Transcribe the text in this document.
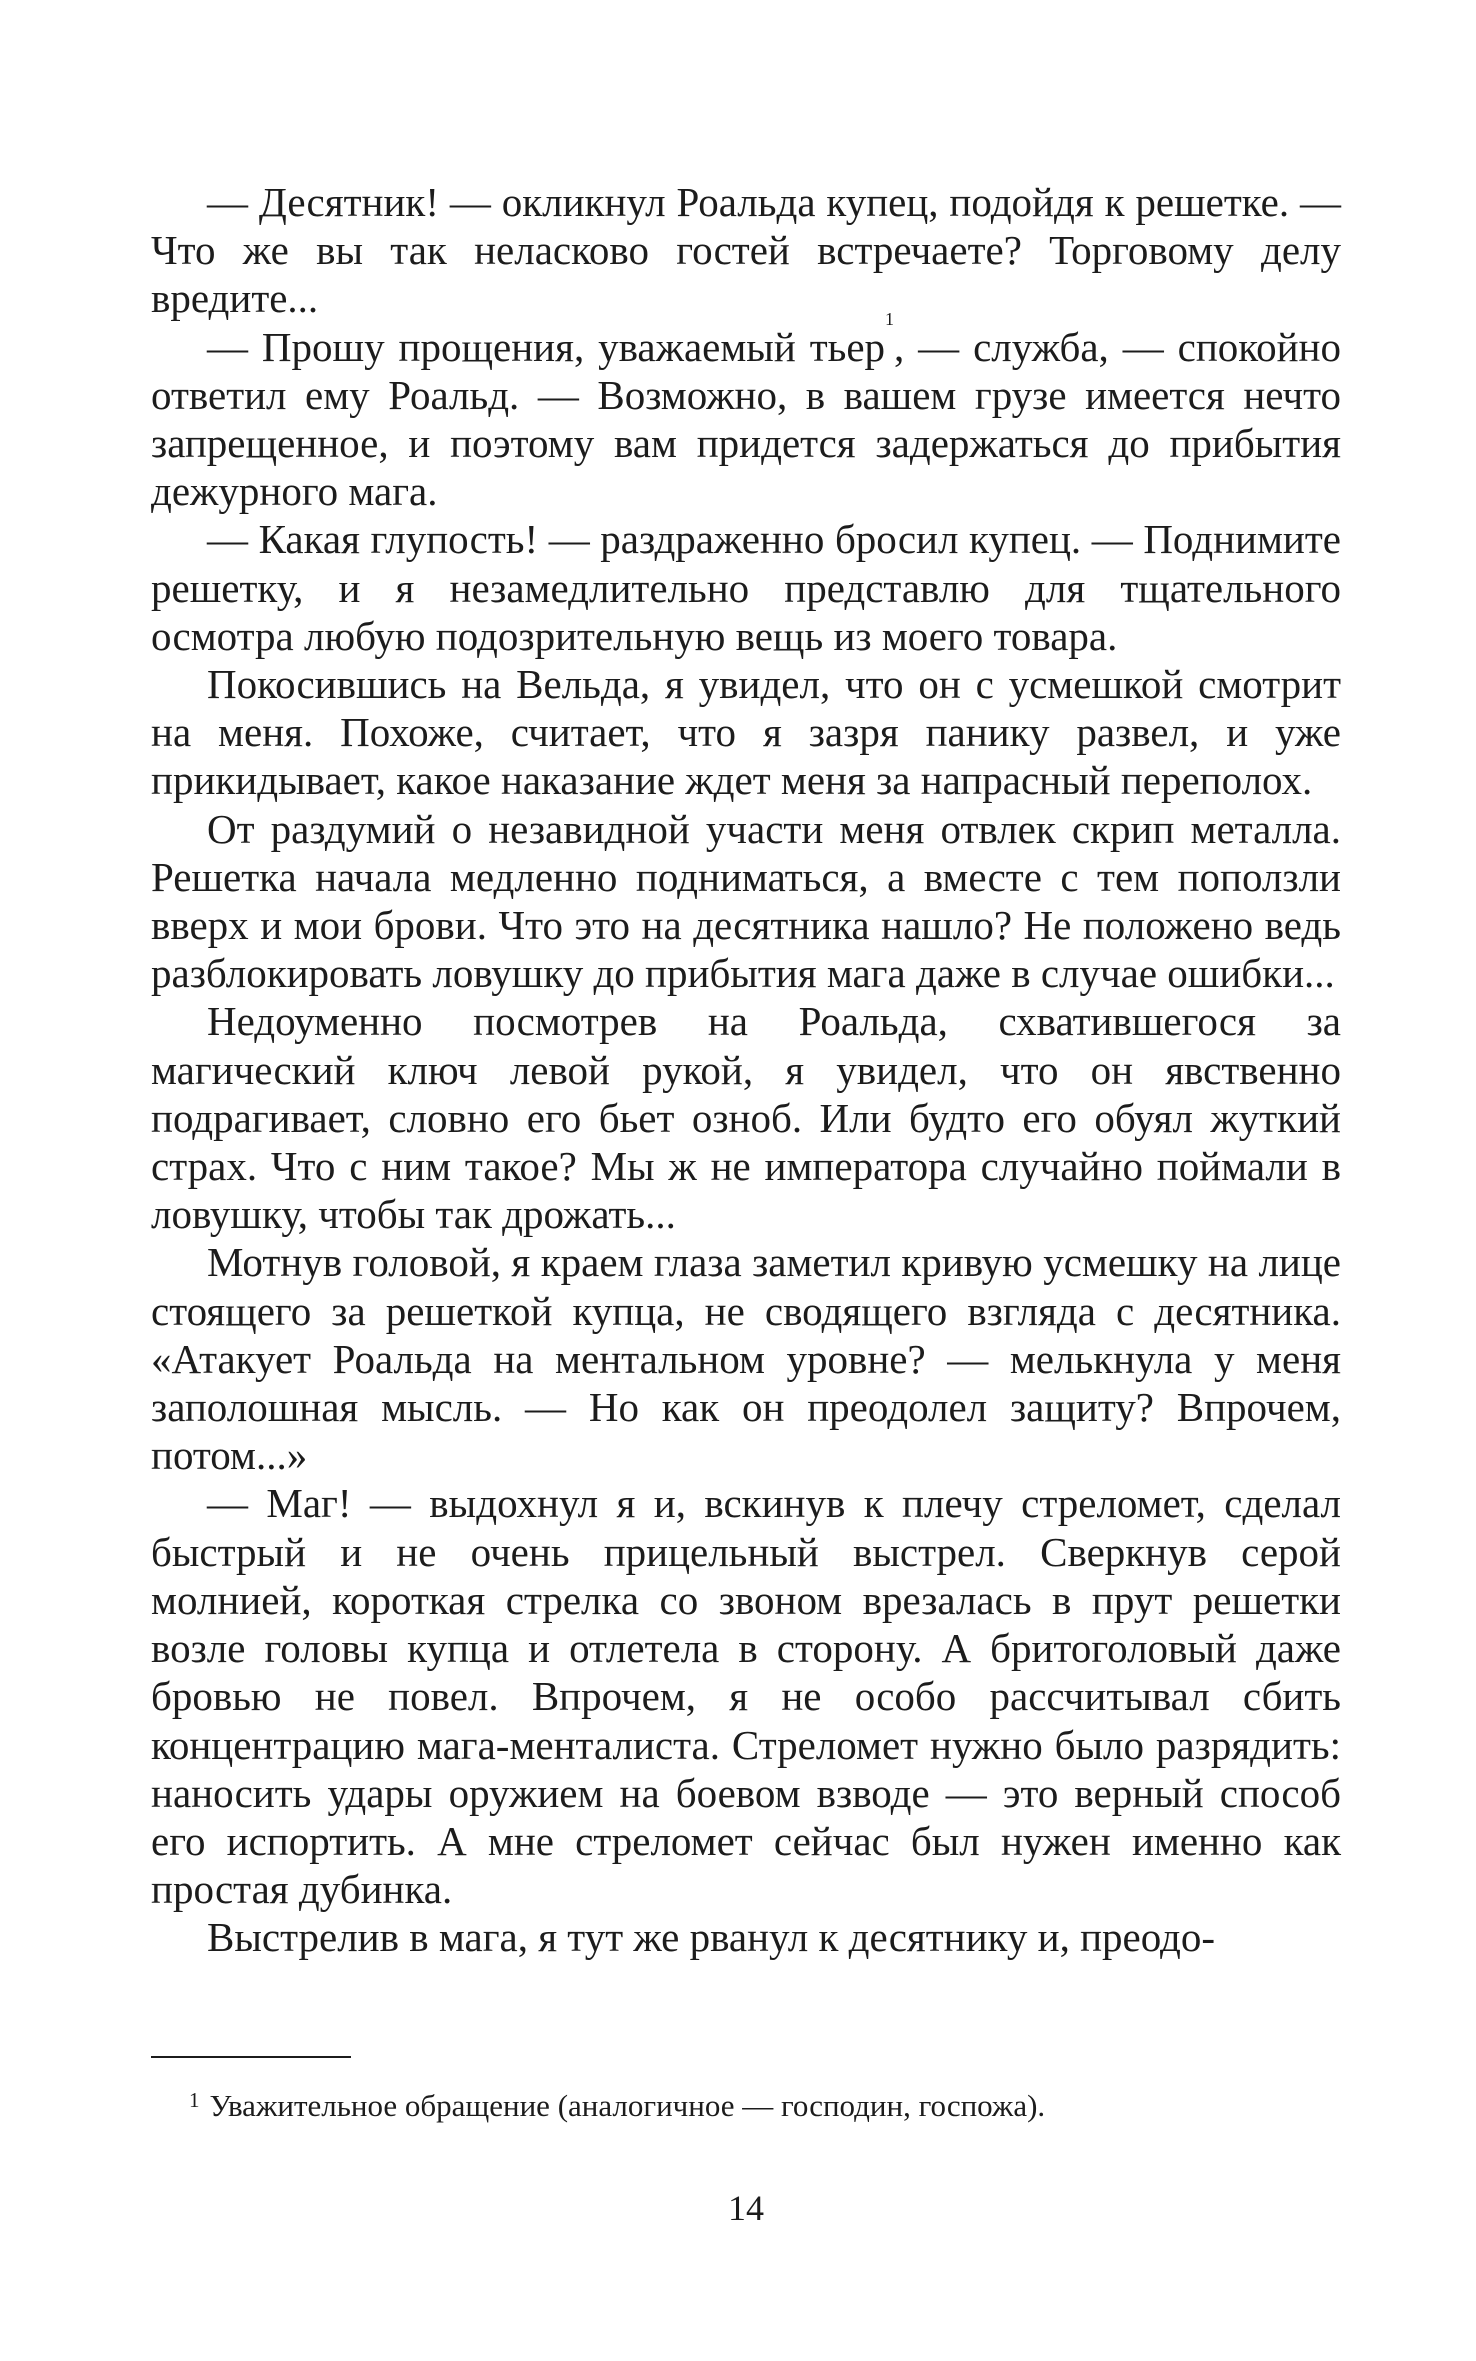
— Десятник! — окликнул Роальда купец, подойдя к решетке. — Что же вы так неласково гостей встречаете? Торговому делу вредите...

— Прошу прощения, уважаемый тьер$^1$, — служба, — спокойно ответил ему Роальд. — Возможно, в вашем грузе имеется нечто запрещенное, и поэтому вам придется задержаться до прибытия дежурного мага.

— Какая глупость! — раздраженно бросил купец. — Поднимите решетку, и я незамедлительно представлю для тщательного осмотра любую подозрительную вещь из моего товара.

Покосившись на Вельда, я увидел, что он с усмешкой смотрит на меня. Похоже, считает, что я зазря панику развел, и уже прикидывает, какое наказание ждет меня за напрасный переполох.

От раздумий о незавидной участи меня отвлек скрип металла. Решетка начала медленно подниматься, а вместе с тем поползли вверх и мои брови. Что это на десятника нашло? Не положено ведь разблокировать ловушку до прибытия мага даже в случае ошибки...

Недоуменно посмотрев на Роальда, схватившегося за магический ключ левой рукой, я увидел, что он явственно подрагивает, словно его бьет озноб. Или будто его обуял жуткий страх. Что с ним такое? Мы ж не императора случайно поймали в ловушку, чтобы так дрожать...

Мотнув головой, я краем глаза заметил кривую усмешку на лице стоящего за решеткой купца, не сводящего взгляда с десятника. «Атакует Роальда на ментальном уровне? — мелькнула у меня заполошная мысль. — Но как он преодолел защиту? Впрочем, потом...»

— Маг! — выдохнул я и, вскинув к плечу стреломет, сделал быстрый и не очень прицельный выстрел. Сверкнув серой молнией, короткая стрелка со звоном врезалась в прут решетки возле головы купца и отлетела в сторону. А бритоголовый даже бровью не повел. Впрочем, я не особо рассчитывал сбить концентрацию мага-менталиста. Стреломет нужно было разрядить: наносить удары оружием на боевом взводе — это верный способ его испортить. А мне стреломет сейчас был нужен именно как простая дубинка.

Выстрелив в мага, я тут же рванул к десятнику и, преодо-

$^1$ Уважительное обращение (аналогичное — господин, госпожа).
14
